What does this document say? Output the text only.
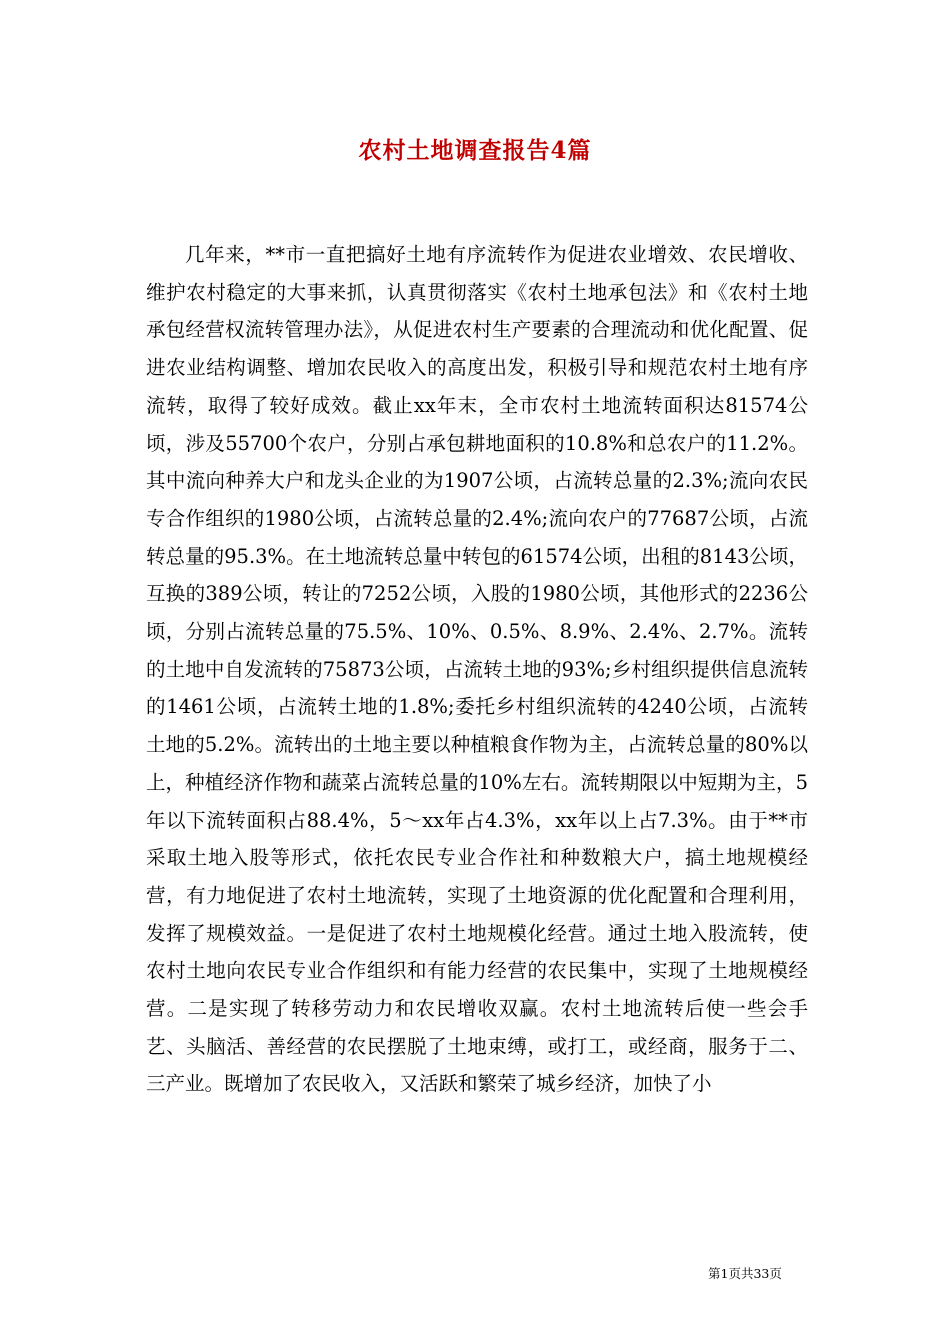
农村土地调查报告4篇

几年来，**市一直把搞好土地有序流转作为促进农业增效、农民增收、维护农村稳定的大事来抓，认真贯彻落实《农村土地承包法》和《农村土地承包经营权流转管理办法》，从促进农村生产要素的合理流动和优化配置、促进农业结构调整、增加农民收入的高度出发，积极引导和规范农村土地有序流转，取得了较好成效。截止xx年末，全市农村土地流转面积达81574公顷，涉及55700个农户，分别占承包耕地面积的10.8%和总农户的11.2%。其中流向种养大户和龙头企业的为1907公顷，占流转总量的2.3%;流向农民专合作组织的1980公顷，占流转总量的2.4%;流向农户的77687公顷，占流转总量的95.3%。在土地流转总量中转包的61574公顷，出租的8143公顷，互换的389公顷，转让的7252公顷，入股的1980公顷，其他形式的2236公顷，分别占流转总量的75.5%、10%、0.5%、8.9%、2.4%、2.7%。流转的土地中自发流转的75873公顷，占流转土地的93%;乡村组织提供信息流转的1461公顷，占流转土地的1.8%;委托乡村组织流转的4240公顷，占流转土地的5.2%。流转出的土地主要以种植粮食作物为主，占流转总量的80%以上，种植经济作物和蔬菜占流转总量的10%左右。流转期限以中短期为主，5年以下流转面积占88.4%，5～xx年占4.3%，xx年以上占7.3%。由于**市采取土地入股等形式，依托农民专业合作社和种数粮大户，搞土地规模经营，有力地促进了农村土地流转，实现了土地资源的优化配置和合理利用，发挥了规模效益。一是促进了农村土地规模化经营。通过土地入股流转，使农村土地向农民专业合作组织和有能力经营的农民集中，实现了土地规模经营。二是实现了转移劳动力和农民增收双赢。农村土地流转后使一些会手艺、头脑活、善经营的农民摆脱了土地束缚，或打工，或经商，服务于二、三产业。既增加了农民收入，又活跃和繁荣了城乡经济，加快了小

第1页共33页
